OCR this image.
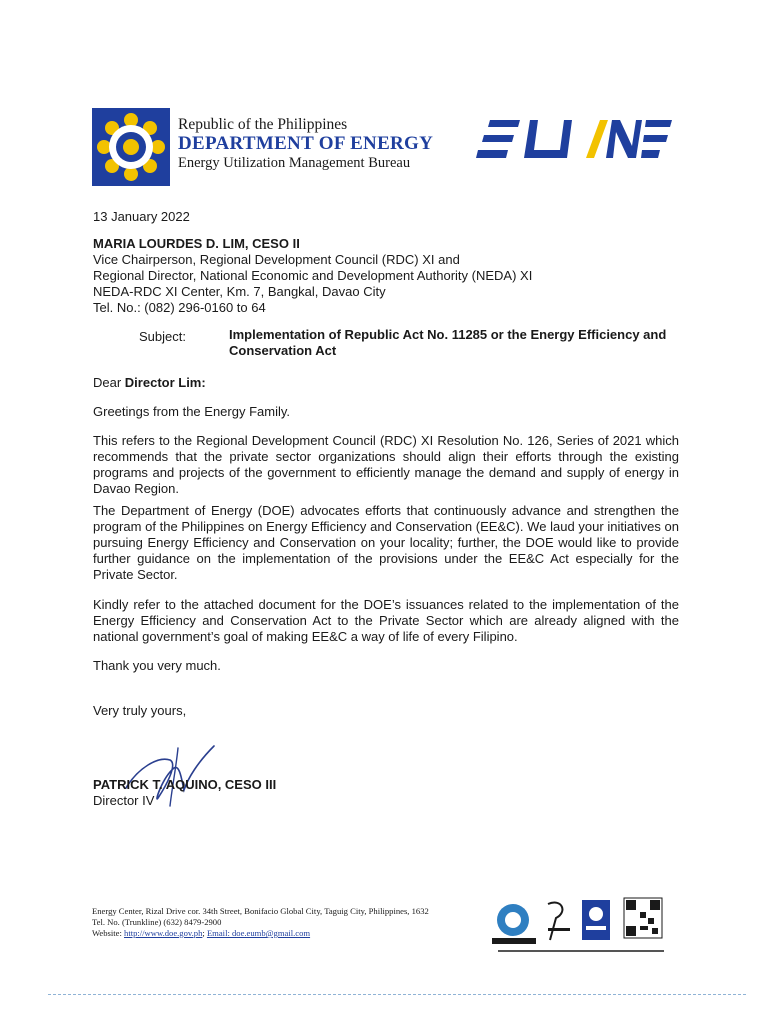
Republic of the Philippines
DEPARTMENT OF ENERGY
Energy Utilization Management Bureau
13 January 2022
MARIA LOURDES D. LIM, CESO II
Vice Chairperson, Regional Development Council (RDC) XI and
Regional Director, National Economic and Development Authority (NEDA) XI
NEDA-RDC XI Center, Km. 7, Bangkal, Davao City
Tel. No.: (082) 296-0160 to 64
Subject:	Implementation of Republic Act No. 11285 or the Energy Efficiency and Conservation Act
Dear Director Lim:
Greetings from the Energy Family.
This refers to the Regional Development Council (RDC) XI Resolution No. 126, Series of 2021 which recommends that the private sector organizations should align their efforts through the existing programs and projects of the government to efficiently manage the demand and supply of energy in Davao Region.
The Department of Energy (DOE) advocates efforts that continuously advance and strengthen the program of the Philippines on Energy Efficiency and Conservation (EE&C). We laud your initiatives on pursuing Energy Efficiency and Conservation on your locality; further, the DOE would like to provide further guidance on the implementation of the provisions under the EE&C Act especially for the Private Sector.
Kindly refer to the attached document for the DOE’s issuances related to the implementation of the Energy Efficiency and Conservation Act to the Private Sector which are already aligned with the national government’s goal of making EE&C a way of life of every Filipino.
Thank you very much.
Very truly yours,
PATRICK T. AQUINO, CESO III
Director IV
Energy Center, Rizal Drive cor. 34th Street, Bonifacio Global City, Taguig City, Philippines, 1632
Tel. No. (Trunkline) (632) 8479-2900
Website: http://www.doe.gov.ph; Email: doe.eumb@gmail.com
